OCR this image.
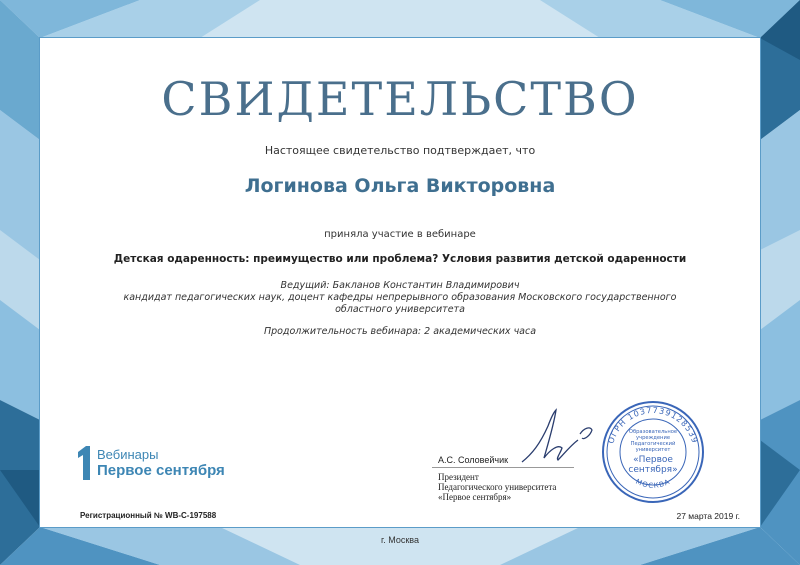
СВИДЕТЕЛЬСТВО
Настоящее свидетельство подтверждает, что
Логинова Ольга Викторовна
приняла участие в вебинаре
Детская одаренность: преимущество или проблема? Условия развития детской одаренности
Ведущий: Бакланов Константин Владимирович
кандидат педагогических наук, доцент кафедры непрерывного образования Московского государственного областного университета
Продолжительность вебинара: 2 академических часа
Вебинары
Первое сентября
А.С. Соловейчик
Президент
Педагогического университета
«Первое сентября»
ОГРН 1037739128539
МОСКВА
Образовательное
учреждение
Педагогический
университет
«Первое
сентября»
Регистрационный № WB-C-197588	27 марта 2019 г.
г. Москва
